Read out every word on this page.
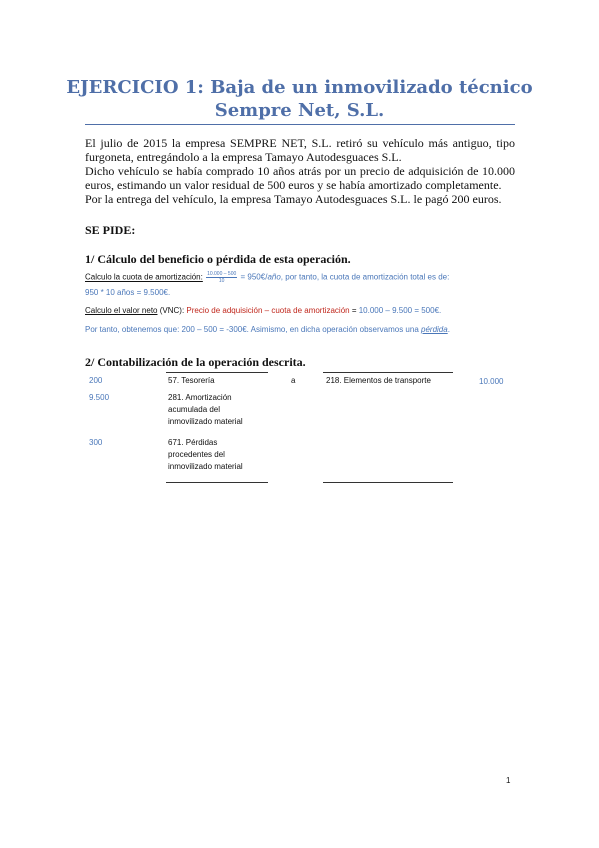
EJERCICIO 1: Baja de un inmovilizado técnico
Sempre Net, S.L.

El julio de 2015 la empresa SEMPRE NET, S.L. retiró su vehículo más antiguo, tipo furgoneta, entregándolo a la empresa Tamayo Autodesguaces S.L.

Dicho vehículo se había comprado 10 años atrás por un precio de adquisición de 10.000 euros, estimando un valor residual de 500 euros y se había amortizado completamente.

Por la entrega del vehículo, la empresa Tamayo Autodesguaces S.L. le pagó 200 euros.

SE PIDE:
1/ Cálculo del beneficio o pérdida de esta operación.
Calculo la cuota de amortización: $\frac{10.000 - 500}{10}$ = 950€/año, por tanto, la cuota de amortización total es de:
950 * 10 años = 9.500€.
Calculo el valor neto (VNC): Precio de adquisición – cuota de amortización = 10.000 – 9.500 = 500€.
Por tanto, obtenemos que: 200 – 500 = -300€. Asimismo, en dicha operación observamos una pérdida.
2/ Contabilización de la operación descrita.
200	57. Tesorería	a	218. Elementos de transporte	10.000
9.500	281. Amortización acumulada del inmovilizado material
300	671. Pérdidas procedentes del inmovilizado material
1
